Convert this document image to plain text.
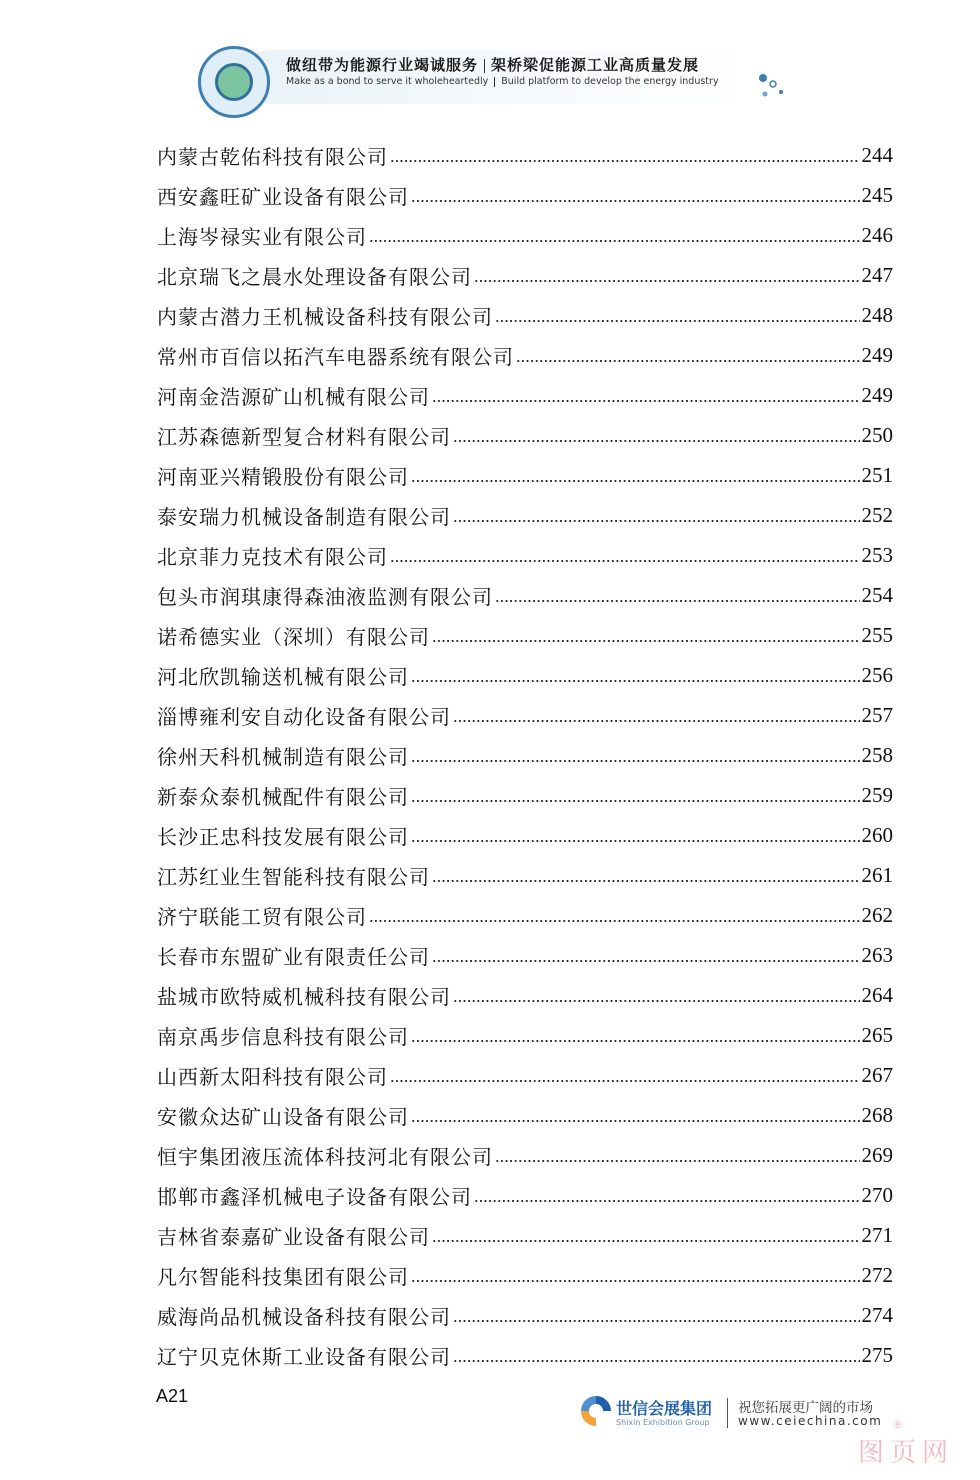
做纽带为能源行业竭诚服务 架桥梁促能源工业高质量发展
Make as a bond to serve it wholeheartedly Build platform to develop the energy industry
内蒙古乾佑科技有限公司	244
西安鑫旺矿业设备有限公司	245
上海岑禄实业有限公司	246
北京瑞飞之晨水处理设备有限公司	247
内蒙古潜力王机械设备科技有限公司	248
常州市百信以拓汽车电器系统有限公司	249
河南金浩源矿山机械有限公司	249
江苏森德新型复合材料有限公司	250
河南亚兴精锻股份有限公司	251
泰安瑞力机械设备制造有限公司	252
北京菲力克技术有限公司	253
包头市润琪康得森油液监测有限公司	254
诺希德实业（深圳）有限公司	255
河北欣凯输送机械有限公司	256
淄博雍利安自动化设备有限公司	257
徐州天科机械制造有限公司	258
新泰众泰机械配件有限公司	259
长沙正忠科技发展有限公司	260
江苏红业生智能科技有限公司	261
济宁联能工贸有限公司	262
长春市东盟矿业有限责任公司	263
盐城市欧特威机械科技有限公司	264
南京禹步信息科技有限公司	265
山西新太阳科技有限公司	267
安徽众达矿山设备有限公司	268
恒宇集团液压流体科技河北有限公司	269
邯郸市鑫泽机械电子设备有限公司	270
吉林省泰嘉矿业设备有限公司	271
凡尔智能科技集团有限公司	272
威海尚品机械设备科技有限公司	274
辽宁贝克休斯工业设备有限公司	275
A21
世信会展集团
Shixin Exhibition Group
祝您拓展更广阔的市场
www.ceiechina.com ®
图页网
